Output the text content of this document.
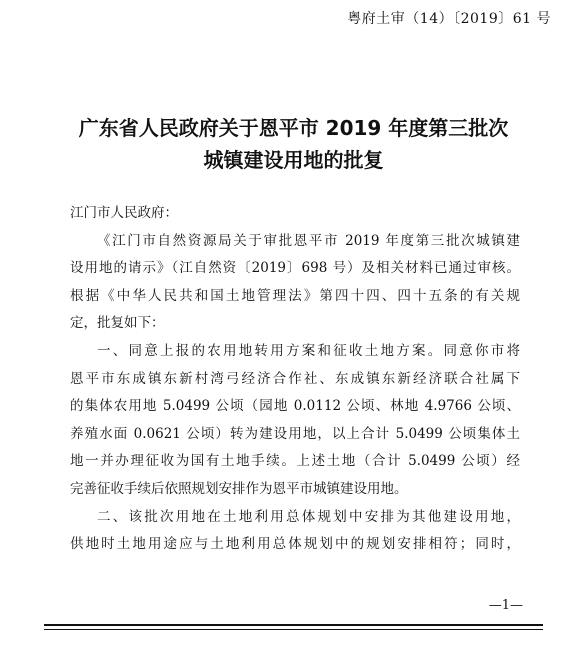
粤府土审（14）〔2019〕61 号
广东省人民政府关于恩平市 2019 年度第三批次
城镇建设用地的批复
江门市人民政府：

《江门市自然资源局关于审批恩平市 2019 年度第三批次城镇建
设用地的请示》（江自然资〔2019〕698 号）及相关材料已通过审核。
根据《中华人民共和国土地管理法》第四十四、四十五条的有关规
定，批复如下：

一、同意上报的农用地转用方案和征收土地方案。同意你市将
恩平市东成镇东新村湾弓经济合作社、东成镇东新经济联合社属下
的集体农用地 5.0499 公顷（园地 0.0112 公顷、林地 4.9766 公顷、
养殖水面 0.0621 公顷）转为建设用地，以上合计 5.0499 公顷集体土
地一并办理征收为国有土地手续。上述土地（合计 5.0499 公顷）经
完善征收手续后依照规划安排作为恩平市城镇建设用地。

二、该批次用地在土地利用总体规划中安排为其他建设用地，
供地时土地用途应与土地利用总体规划中的规划安排相符；同时，

—1—
